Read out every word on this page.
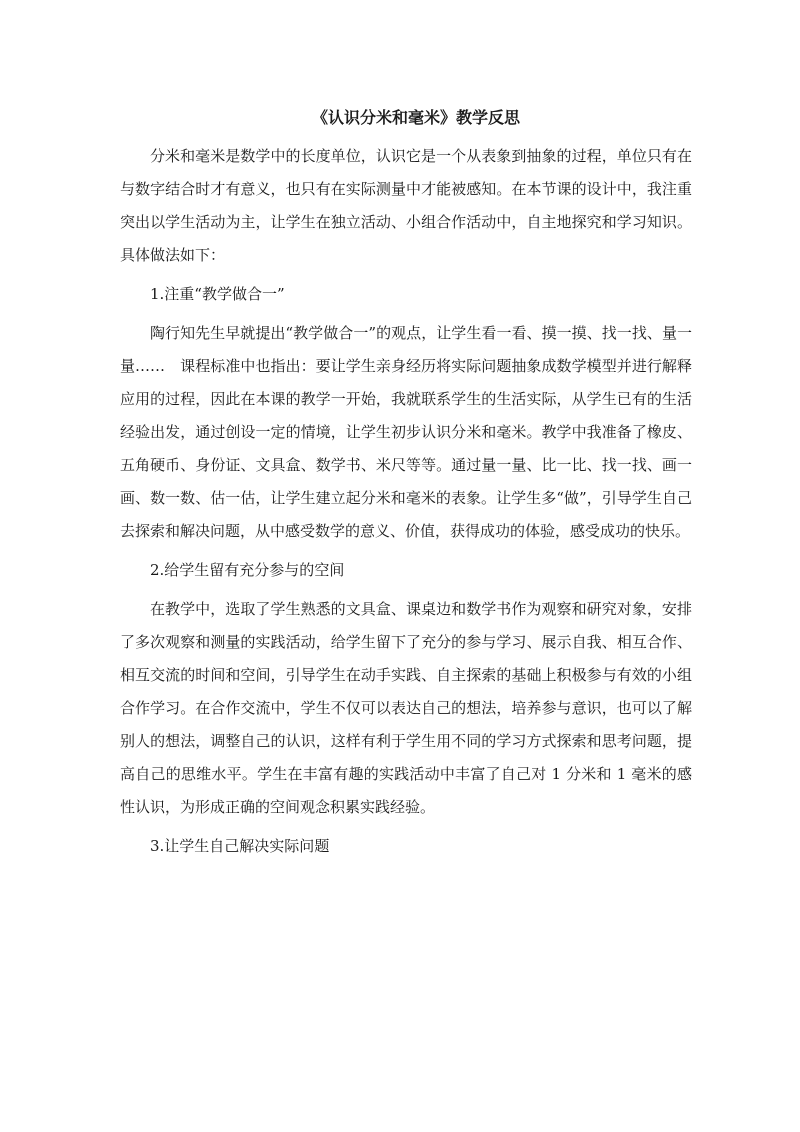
《认识分米和毫米》教学反思

分米和毫米是数学中的长度单位，认识它是一个从表象到抽象的过程，单位只有在与数字结合时才有意义，也只有在实际测量中才能被感知。在本节课的设计中，我注重突出以学生活动为主，让学生在独立活动、小组合作活动中，自主地探究和学习知识。具体做法如下：

1.注重“教学做合一”

陶行知先生早就提出“教学做合一”的观点，让学生看一看、摸一摸、找一找、量一量……　课程标准中也指出：要让学生亲身经历将实际问题抽象成数学模型并进行解释应用的过程，因此在本课的教学一开始，我就联系学生的生活实际，从学生已有的生活经验出发，通过创设一定的情境，让学生初步认识分米和毫米。教学中我准备了橡皮、五角硬币、身份证、文具盒、数学书、米尺等等。通过量一量、比一比、找一找、画一画、数一数、估一估，让学生建立起分米和毫米的表象。让学生多“做”，引导学生自己去探索和解决问题，从中感受数学的意义、价值，获得成功的体验，感受成功的快乐。

2.给学生留有充分参与的空间

在教学中，选取了学生熟悉的文具盒、课桌边和数学书作为观察和研究对象，安排了多次观察和测量的实践活动，给学生留下了充分的参与学习、展示自我、相互合作、相互交流的时间和空间，引导学生在动手实践、自主探索的基础上积极参与有效的小组合作学习。在合作交流中，学生不仅可以表达自己的想法，培养参与意识，也可以了解别人的想法，调整自己的认识，这样有利于学生用不同的学习方式探索和思考问题，提高自己的思维水平。学生在丰富有趣的实践活动中丰富了自己对 1 分米和 1 毫米的感性认识，为形成正确的空间观念积累实践经验。

3.让学生自己解决实际问题
